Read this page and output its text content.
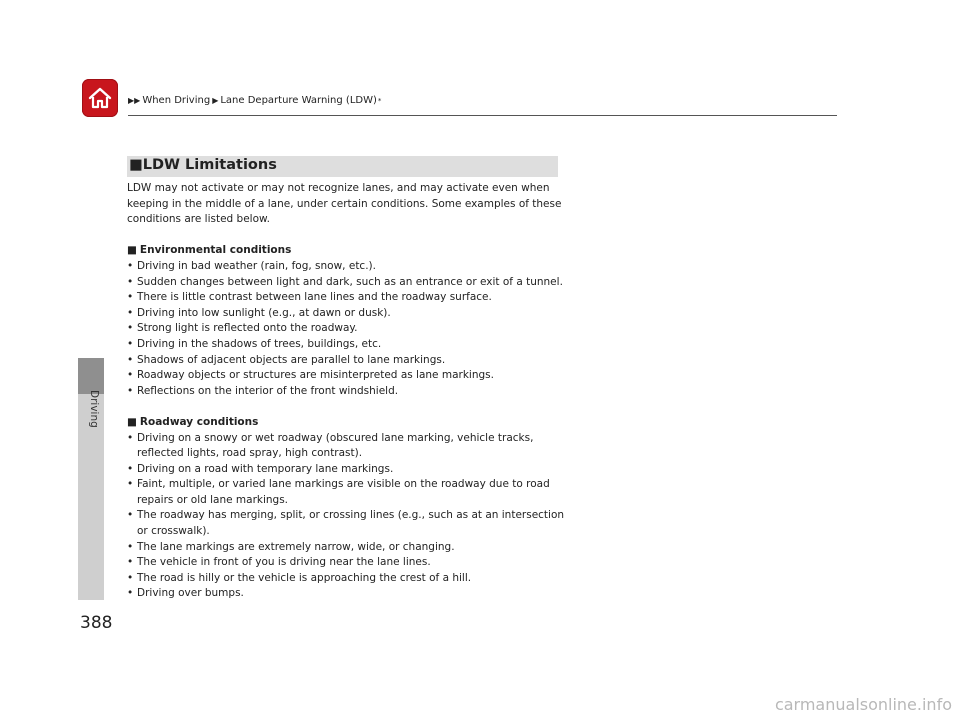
▶▶ When Driving ▶ Lane Departure Warning (LDW) *
Driving
388
■LDW Limitations

LDW may not activate or may not recognize lanes, and may activate even when keeping in the middle of a lane, under certain conditions. Some examples of these conditions are listed below.

■ Environmental conditions

• Driving in bad weather (rain, fog, snow, etc.).
• Sudden changes between light and dark, such as an entrance or exit of a tunnel.
• There is little contrast between lane lines and the roadway surface.
• Driving into low sunlight (e.g., at dawn or dusk).
• Strong light is reflected onto the roadway.
• Driving in the shadows of trees, buildings, etc.
• Shadows of adjacent objects are parallel to lane markings.
• Roadway objects or structures are misinterpreted as lane markings.
• Reflections on the interior of the front windshield.

■ Roadway conditions

• Driving on a snowy or wet roadway (obscured lane marking, vehicle tracks, reflected lights, road spray, high contrast).
• Driving on a road with temporary lane markings.
• Faint, multiple, or varied lane markings are visible on the roadway due to road repairs or old lane markings.
• The roadway has merging, split, or crossing lines (e.g., such as at an intersection or crosswalk).
• The lane markings are extremely narrow, wide, or changing.
• The vehicle in front of you is driving near the lane lines.
• The road is hilly or the vehicle is approaching the crest of a hill.
• Driving over bumps.
carmanualsonline.info
